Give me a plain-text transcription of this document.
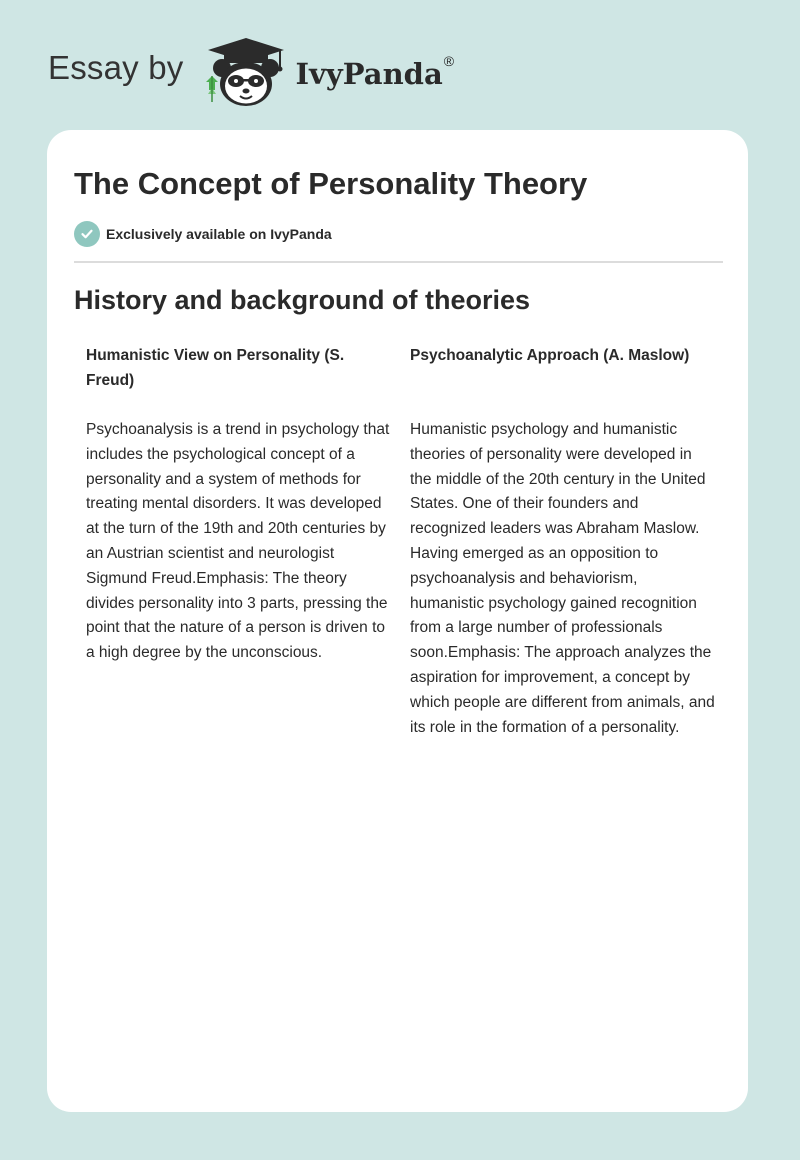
Essay by	IvyPanda®
The Concept of Personality Theory
Exclusively available on IvyPanda
History and background of theories

Humanistic View on Personality (S. Freud)

Psychoanalysis is a trend in psychology that includes the psychological concept of a personality and a system of methods for treating mental disorders. It was developed at the turn of the 19th and 20th centuries by an Austrian scientist and neurologist Sigmund Freud.Emphasis: The theory divides personality into 3 parts, pressing the point that the nature of a person is driven to a high degree by the unconscious.

Psychoanalytic Approach (A. Maslow)

Humanistic psychology and humanistic theories of personality were developed in the middle of the 20th century in the United States. One of their founders and recognized leaders was Abraham Maslow. Having emerged as an opposition to psychoanalysis and behaviorism, humanistic psychology gained recognition from a large number of professionals soon.Emphasis: The approach analyzes the aspiration for improvement, a concept by which people are different from animals, and its role in the formation of a personality.
